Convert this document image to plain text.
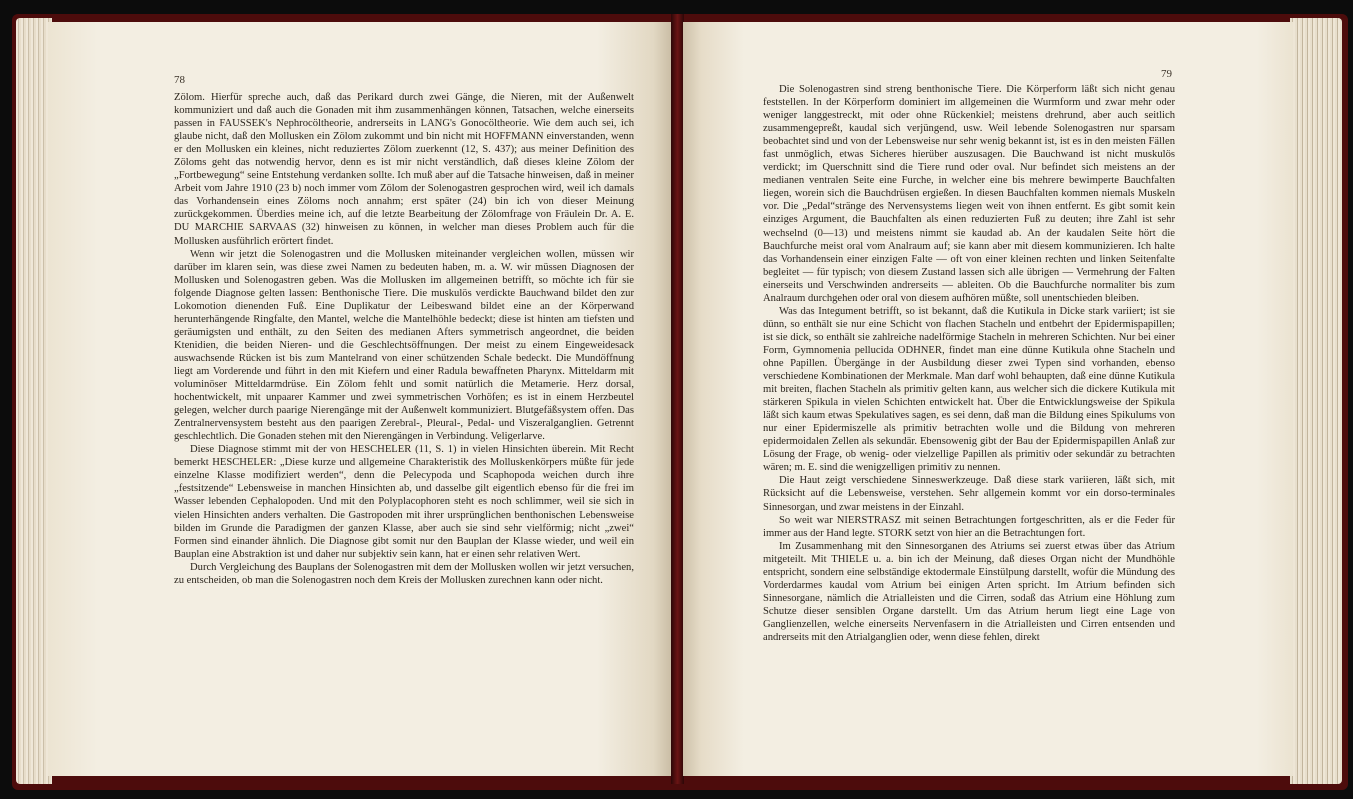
78

Zölom. Hierfür spreche auch, daß das Perikard durch zwei Gänge, die Nieren, mit der Außenwelt kommuniziert und daß auch die Gonaden mit ihm zusammenhängen können, Tatsachen, welche einerseits passen in FAUSSEK's Nephrocöltheorie, andrerseits in LANG's Gonocöltheorie. Wie dem auch sei, ich glaube nicht, daß den Mollusken ein Zölom zukommt und bin nicht mit HOFFMANN einverstanden, wenn er den Mollusken ein kleines, nicht reduziertes Zölom zuerkennt (12, S. 437); aus meiner Definition des Zöloms geht das notwendig hervor, denn es ist mir nicht verständlich, daß dieses kleine Zölom der „Fortbewegung“ seine Entstehung verdanken sollte. Ich muß aber auf die Tatsache hinweisen, daß in meiner Arbeit vom Jahre 1910 (23 b) noch immer vom Zölom der Solenogastren gesprochen wird, weil ich damals das Vorhandensein eines Zöloms noch annahm; erst später (24) bin ich von dieser Meinung zurückgekommen. Überdies meine ich, auf die letzte Bearbeitung der Zölomfrage von Fräulein Dr. A. E. DU MARCHIE SARVAAS (32) hinweisen zu können, in welcher man dieses Problem auch für die Mollusken ausführlich erörtert findet.

Wenn wir jetzt die Solenogastren und die Mollusken miteinander vergleichen wollen, müssen wir darüber im klaren sein, was diese zwei Namen zu bedeuten haben, m. a. W. wir müssen Diagnosen der Mollusken und Solenogastren geben. Was die Mollusken im allgemeinen betrifft, so möchte ich für sie folgende Diagnose gelten lassen: Benthonische Tiere. Die muskulös verdickte Bauchwand bildet den zur Lokomotion dienenden Fuß. Eine Duplikatur der Leibeswand bildet eine an der Körperwand herunterhängende Ringfalte, den Mantel, welche die Mantelhöhle bedeckt; diese ist hinten am tiefsten und geräumigsten und enthält, zu den Seiten des medianen Afters symmetrisch angeordnet, die beiden Ktenidien, die beiden Nieren- und die Geschlechtsöffnungen. Der meist zu einem Eingeweidesack auswachsende Rücken ist bis zum Mantelrand von einer schützenden Schale bedeckt. Die Mundöffnung liegt am Vorderende und führt in den mit Kiefern und einer Radula bewaffneten Pharynx. Mitteldarm mit voluminöser Mitteldarmdrüse. Ein Zölom fehlt und somit natürlich die Metamerie. Herz dorsal, hochentwickelt, mit unpaarer Kammer und zwei symmetrischen Vorhöfen; es ist in einem Herzbeutel gelegen, welcher durch paarige Nierengänge mit der Außenwelt kommuniziert. Blutgefäßsystem offen. Das Zentralnervensystem besteht aus den paarigen Zerebral-, Pleural-, Pedal- und Viszeralganglien. Getrennt geschlechtlich. Die Gonaden stehen mit den Nierengängen in Verbindung. Veligerlarve.

Diese Diagnose stimmt mit der von HESCHELER (11, S. 1) in vielen Hinsichten überein. Mit Recht bemerkt HESCHELER: „Diese kurze und allgemeine Charakteristik des Molluskenkörpers müßte für jede einzelne Klasse modifiziert werden“, denn die Pelecypoda und Scaphopoda weichen durch ihre „festsitzende“ Lebensweise in manchen Hinsichten ab, und dasselbe gilt eigentlich ebenso für die frei im Wasser lebenden Cephalopoden. Und mit den Polyplacophoren steht es noch schlimmer, weil sie sich in vielen Hinsichten anders verhalten. Die Gastropoden mit ihrer ursprünglichen benthonischen Lebensweise bilden im Grunde die Paradigmen der ganzen Klasse, aber auch sie sind sehr vielförmig; nicht „zwei“ Formen sind einander ähnlich. Die Diagnose gibt somit nur den Bauplan der Klasse wieder, und weil ein Bauplan eine Abstraktion ist und daher nur subjektiv sein kann, hat er einen sehr relativen Wert.

Durch Vergleichung des Bauplans der Solenogastren mit dem der Mollusken wollen wir jetzt versuchen, zu entscheiden, ob man die Solenogastren noch dem Kreis der Mollusken zurechnen kann oder nicht.

79

Die Solenogastren sind streng benthonische Tiere. Die Körperform läßt sich nicht genau feststellen. In der Körperform dominiert im allgemeinen die Wurmform und zwar mehr oder weniger langgestreckt, mit oder ohne Rückenkiel; meistens drehrund, aber auch seitlich zusammengepreßt, kaudal sich verjüngend, usw. Weil lebende Solenogastren nur sparsam beobachtet sind und von der Lebensweise nur sehr wenig bekannt ist, ist es in den meisten Fällen fast unmöglich, etwas Sicheres hierüber auszusagen. Die Bauchwand ist nicht muskulös verdickt; im Querschnitt sind die Tiere rund oder oval. Nur befindet sich meistens an der medianen ventralen Seite eine Furche, in welcher eine bis mehrere bewimperte Bauchfalten liegen, worein sich die Bauchdrüsen ergießen. In diesen Bauchfalten kommen niemals Muskeln vor. Die „Pedal“stränge des Nervensystems liegen weit von ihnen entfernt. Es gibt somit kein einziges Argument, die Bauchfalten als einen reduzierten Fuß zu deuten; ihre Zahl ist sehr wechselnd (0—13) und meistens nimmt sie kaudad ab. An der kaudalen Seite hört die Bauchfurche meist oral vom Analraum auf; sie kann aber mit diesem kommunizieren. Ich halte das Vorhandensein einer einzigen Falte — oft von einer kleinen rechten und linken Seitenfalte begleitet — für typisch; von diesem Zustand lassen sich alle übrigen — Vermehrung der Falten einerseits und Verschwinden andrerseits — ableiten. Ob die Bauchfurche normaliter bis zum Analraum durchgehen oder oral von diesem aufhören müßte, soll unentschieden bleiben.

Was das Integument betrifft, so ist bekannt, daß die Kutikula in Dicke stark variiert; ist sie dünn, so enthält sie nur eine Schicht von flachen Stacheln und entbehrt der Epidermispapillen; ist sie dick, so enthält sie zahlreiche nadelförmige Stacheln in mehreren Schichten. Nur bei einer Form, Gymnomenia pellucida ODHNER, findet man eine dünne Kutikula ohne Stacheln und ohne Papillen. Übergänge in der Ausbildung dieser zwei Typen sind vorhanden, ebenso verschiedene Kombinationen der Merkmale. Man darf wohl behaupten, daß eine dünne Kutikula mit breiten, flachen Stacheln als primitiv gelten kann, aus welcher sich die dickere Kutikula mit stärkeren Spikula in vielen Schichten entwickelt hat. Über die Entwicklungsweise der Spikula läßt sich kaum etwas Spekulatives sagen, es sei denn, daß man die Bildung eines Spikulums von nur einer Epidermiszelle als primitiv betrachten wolle und die Bildung von mehreren epidermoidalen Zellen als sekundär. Ebensowenig gibt der Bau der Epidermispapillen Anlaß zur Lösung der Frage, ob wenig- oder vielzellige Papillen als primitiv oder sekundär zu betrachten wären; m. E. sind die wenigzelligen primitiv zu nennen.

Die Haut zeigt verschiedene Sinneswerkzeuge. Daß diese stark variieren, läßt sich, mit Rücksicht auf die Lebensweise, verstehen. Sehr allgemein kommt vor ein dorso-terminales Sinnesorgan, und zwar meistens in der Einzahl.

So weit war NIERSTRASZ mit seinen Betrachtungen fortgeschritten, als er die Feder für immer aus der Hand legte. STORK setzt von hier an die Betrachtungen fort.

Im Zusammenhang mit den Sinnesorganen des Atriums sei zuerst etwas über das Atrium mitgeteilt. Mit THIELE u. a. bin ich der Meinung, daß dieses Organ nicht der Mundhöhle entspricht, sondern eine selbständige ektodermale Einstülpung darstellt, wofür die Mündung des Vorderdarmes kaudal vom Atrium bei einigen Arten spricht. Im Atrium befinden sich Sinnesorgane, nämlich die Atrialleisten und die Cirren, sodaß das Atrium eine Höhlung zum Schutze dieser sensiblen Organe darstellt. Um das Atrium herum liegt eine Lage von Ganglienzellen, welche einerseits Nervenfasern in die Atrialleisten und Cirren entsenden und andrerseits mit den Atrialganglien oder, wenn diese fehlen, direkt
